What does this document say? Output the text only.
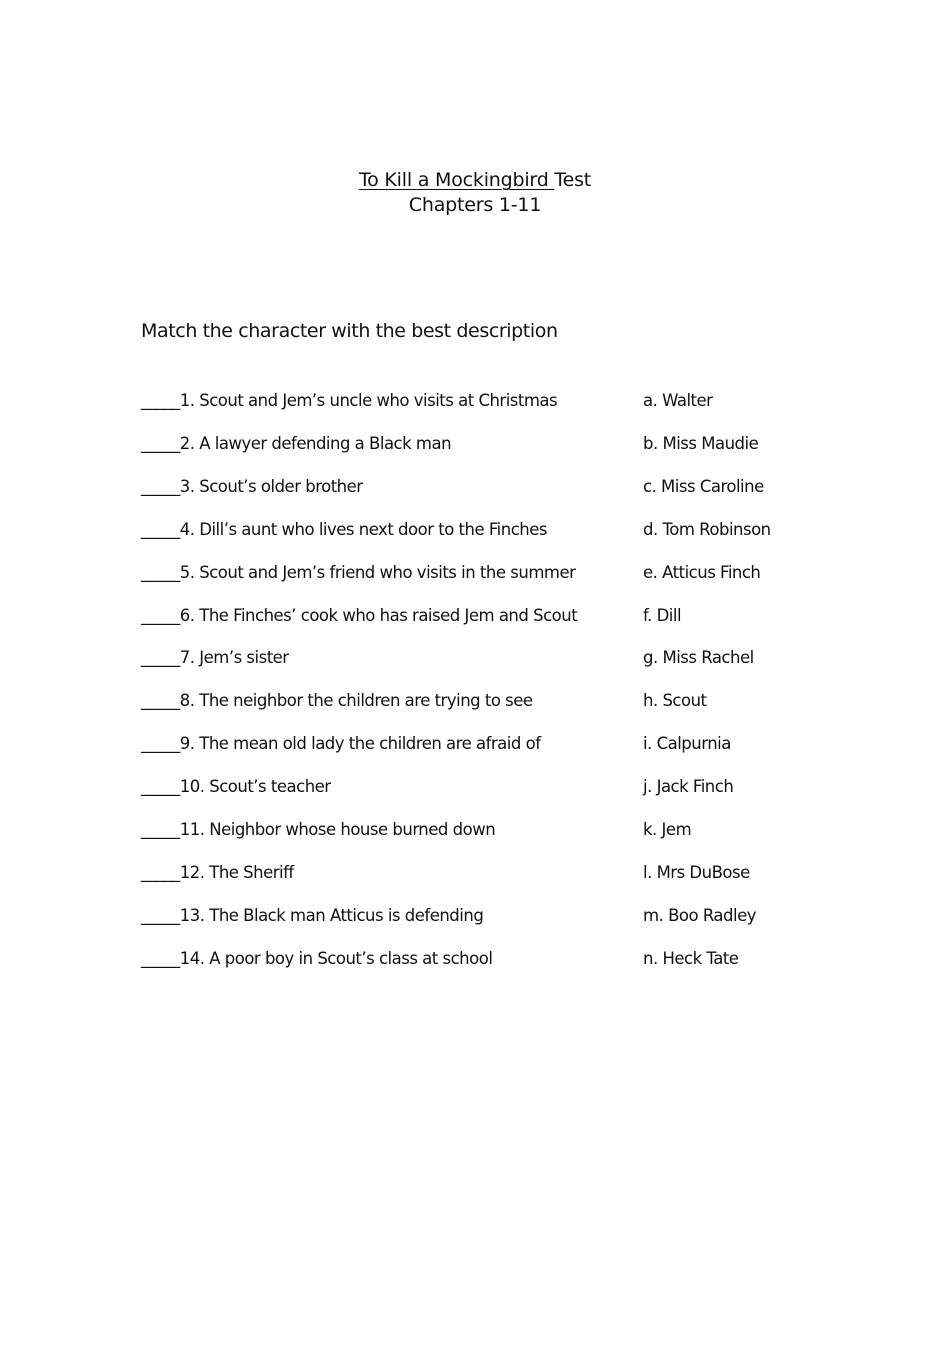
To Kill a Mockingbird Test
Chapters 1-11
Match the character with the best description
_____1. Scout and Jem’s uncle who visits at Christmas	a. Walter
_____2. A lawyer defending a Black man	b. Miss Maudie
_____3. Scout’s older brother	c. Miss Caroline
_____4. Dill’s aunt who lives next door to the Finches	d. Tom Robinson
_____5. Scout and Jem’s friend who visits in the summer	e. Atticus Finch
_____6. The Finches’ cook who has raised Jem and Scout	f. Dill
_____7. Jem’s sister	g. Miss Rachel
_____8. The neighbor the children are trying to see	h. Scout
_____9. The mean old lady the children are afraid of	i. Calpurnia
_____10. Scout’s teacher	j. Jack Finch
_____11. Neighbor whose house burned down	k. Jem
_____12. The Sheriff	l. Mrs DuBose
_____13. The Black man Atticus is defending	m. Boo Radley
_____14. A poor boy in Scout’s class at school	n. Heck Tate
